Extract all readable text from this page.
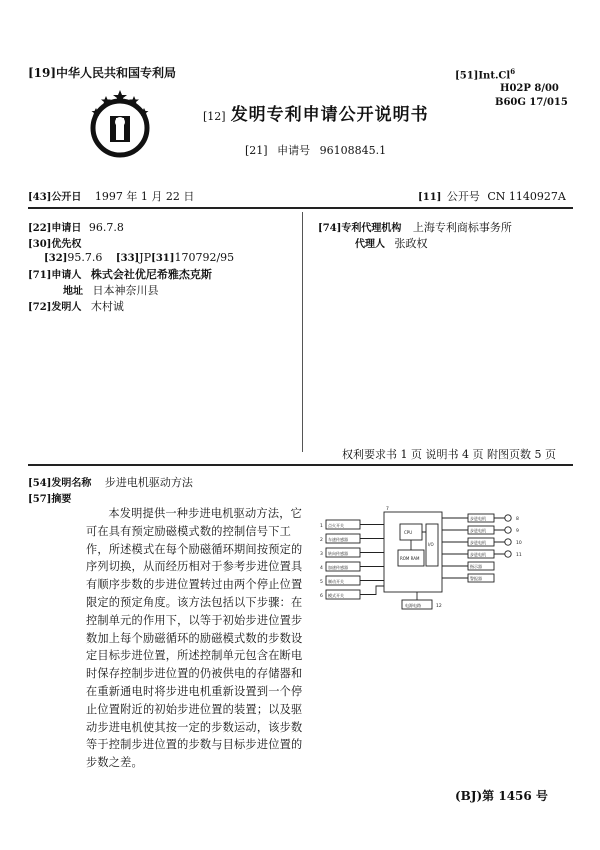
[19]中华人民共和国专利局	[51]Int.Cl$^6$
H02P 8/00
B60G 17/015
[12] 发明专利申请公开说明书
[21] 申请号 96108845.1
[43]公开日 1997 年 1 月 22 日	[11] 公开号 CN 1140927A
[22]申请日 96.7.8
[30]优先权
[32]95.7.6 [33]JP[31]170792/95
[71]申请人 株式会社优尼希雅杰克斯
地址 日本神奈川县
[72]发明人 木村诚
[74]专利代理机构 上海专利商标事务所
代理人 张政权
权利要求书 1 页 说明书 4 页 附图页数 5 页
[54]发明名称 步进电机驱动方法
[57]摘要

本发明提供一种步进电机驱动方法，它可在具有预定励磁模式数的控制信号下工作，所述模式在每个励磁循环期间按预定的序列切换，从而经历相对于参考步进位置具有顺序步数的步进位置转过由两个停止位置限定的预定角度。该方法包括以下步骤：在控制单元的作用下，以等于初始步进位置步数加上每个励磁循环的励磁模式数的步数设定目标步进位置，所述控制单元包含在断电时保存控制步进位置的仍被供电的存储器和在重新通电时将步进电机重新设置到一个停止位置附近的初始步进位置的装置；以及驱动步进电机使其按一定的步数运动，该步数等于控制步进位置的步数与目标步进位置的步数之差。

点火开关
车速传感器
转向传感器
加速传感器
制动开关
模式开关
CPU
ROM RAM
I/O
电源电路
步进电机
步进电机
步进电机
步进电机
指示器
警报器
1
2
3
4
5
6
7
8
9
10
11
12
(BJ)第 1456 号
